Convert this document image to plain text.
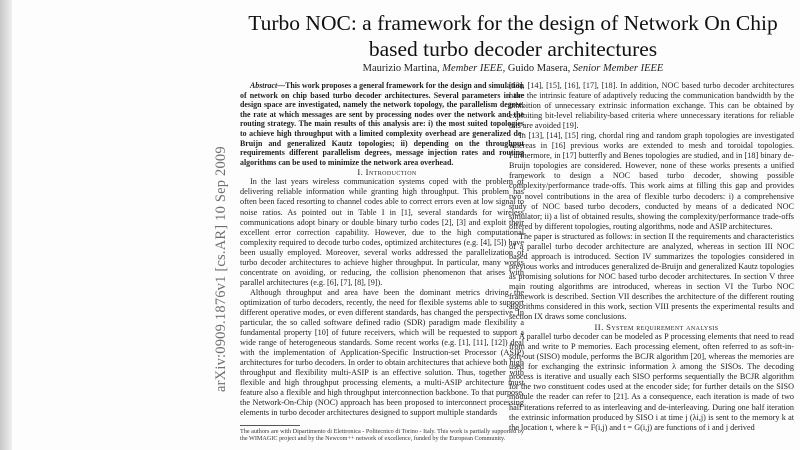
arXiv:0909.1876v1 [cs.AR] 10 Sep 2009
Turbo NOC: a framework for the design of Network On Chip based turbo decoder architectures
Maurizio Martina, Member IEEE, Guido Masera, Senior Member IEEE

Abstract—This work proposes a general framework for the design and simulation of network on chip based turbo decoder architectures. Several parameters in the design space are investigated, namely the network topology, the parallelism degree, the rate at which messages are sent by processing nodes over the network and the routing strategy. The main results of this analysis are: i) the most suited topologies to achieve high throughput with a limited complexity overhead are generalized de-Bruijn and generalized Kautz topologies; ii) depending on the throughput requirements different parallelism degrees, message injection rates and routing algorithms can be used to minimize the network area overhead.

I. Introduction

In the last years wireless communication systems coped with the problem of delivering reliable information while granting high throughput. This problem has often been faced resorting to channel codes able to correct errors even at low signal to noise ratios. As pointed out in Table I in [1], several standards for wireless communications adopt binary or double binary turbo codes [2], [3] and exploit their excellent error correction capability. However, due to the high computational complexity required to decode turbo codes, optimized architectures (e.g. [4], [5]) have been usually employed. Moreover, several works addressed the parallelization of turbo decoder architectures to achieve higher throughput. In particular, many works concentrate on avoiding, or reducing, the collision phenomenon that arises with parallel architectures (e.g. [6], [7], [8], [9]).

Although throughput and area have been the dominant metrics driving the optimization of turbo decoders, recently, the need for flexible systems able to support different operative modes, or even different standards, has changed the perspective. In particular, the so called software defined radio (SDR) paradigm made flexibility a fundamental property [10] of future receivers, which will be requested to support a wide range of heterogeneous standards. Some recent works (e.g. [1], [11], [12]) deal with the implementation of Application-Specific Instruction-set Processor (ASIP) architectures for turbo decoders. In order to obtain architectures that achieve both high throughput and flexibility multi-ASIP is an effective solution. Thus, together with flexible and high throughput processing elements, a multi-ASIP architecture must feature also a flexible and high throughput interconnection backbone. To that purpose, the Network-On-Chip (NOC) approach has been proposed to interconnect processing elements in turbo decoder architectures designed to support multiple standards

The authors are with Dipartimento di Elettronica - Politecnico di Torino - Italy. This work is partially supported by the WIMAGIC project and by the Newcom++ network of excellence, funded by the European Community.

[13], [14], [15], [16], [17], [18]. In addition, NOC based turbo decoder architectures have the intrinsic feature of adaptively reducing the communication bandwidth by the inhibition of unnecessary extrinsic information exchange. This can be obtained by exploiting bit-level reliability-based criteria where unnecessary iterations for reliable bits are avoided [19].

In [13], [14], [15] ring, chordal ring and random graph topologies are investigated whereas in [16] previous works are extended to mesh and toroidal topologies. Furthermore, in [17] butterfly and Benes topologies are studied, and in [18] binary de-Bruijn topologies are considered. However, none of these works presents a unified framework to design a NOC based turbo decoder, showing possible complexity/performance trade-offs. This work aims at filling this gap and provides two novel contributions in the area of flexible turbo decoders: i) a comprehensive study of NOC based turbo decoders, conducted by means of a dedicated NOC simulator; ii) a list of obtained results, showing the complexity/performance trade-offs offered by different topologies, routing algorithms, node and ASIP architectures.

The paper is structured as follows: in section II the requirements and characteristics of a parallel turbo decoder architecture are analyzed, whereas in section III NOC based approach is introduced. Section IV summarizes the topologies considered in previous works and introduces generalized de-Bruijn and generalized Kautz topologies as promising solutions for NOC based turbo decoder architectures. In section V three main routing algorithms are introduced, whereas in section VI the Turbo NOC framework is described. Section VII describes the architecture of the different routing algorithms considered in this work, section VIII presents the experimental results and section IX draws some conclusions.

II. System requirement analysis

A parallel turbo decoder can be modeled as P processing elements that need to read from and write to P memories. Each processing element, often referred to as soft-in-soft-out (SISO) module, performs the BCJR algorithm [20], whereas the memories are used for exchanging the extrinsic information λ among the SISOs. The decoding process is iterative and usually each SISO performs sequentially the BCJR algorithm for the two constituent codes used at the encoder side; for further details on the SISO module the reader can refer to [21]. As a consequence, each iteration is made of two half iterations referred to as interleaving and de-interleaving. During one half iteration the extrinsic information produced by SISO i at time j (λi,j) is sent to the memory k at the location t, where k = F(i,j) and t = G(i,j) are functions of i and j derived
